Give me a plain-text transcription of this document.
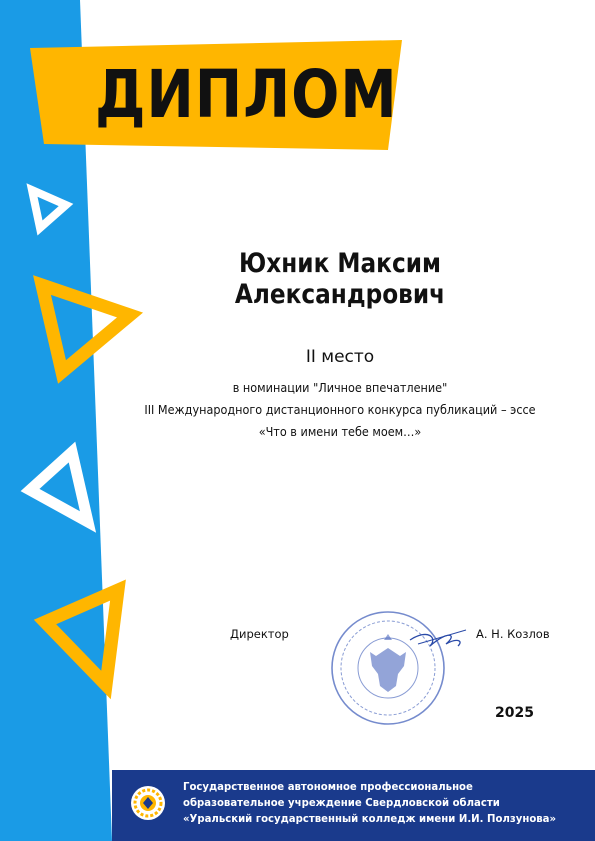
ДИПЛОМ
Юхник Максим Александрович
II место
в номинации "Личное впечатление"
III Международного дистанционного конкурса публикаций – эссе
«Что в имени тебе моем…»
Директор	А. Н. Козлов
2025
Государственное автономное профессиональное
образовательное учреждение Свердловской области
«Уральский государственный колледж имени И.И. Ползунова»
